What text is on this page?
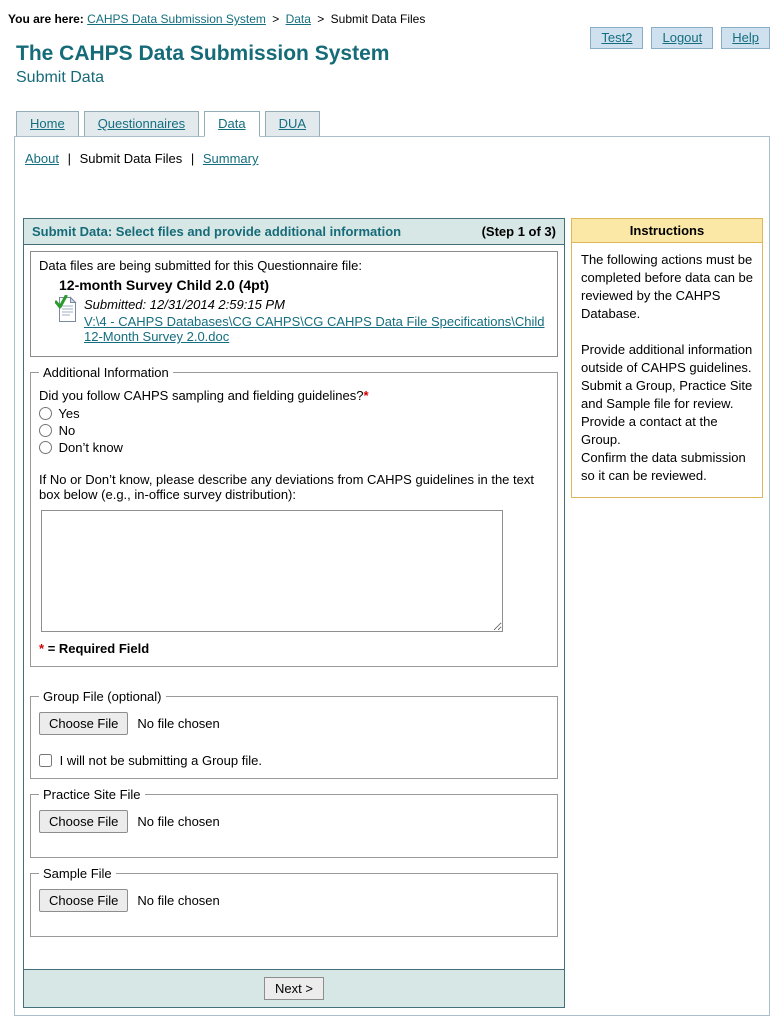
You are here: CAHPS Data Submission System > Data > Submit Data Files
Test2	Logout	Help
The CAHPS Data Submission System
Submit Data
Home	Questionnaires	Data	DUA
About | Submit Data Files | Summary
Submit Data: Select files and provide additional information	(Step 1 of 3)

Data files are being submitted for this Questionnaire file:

12-month Survey Child 2.0 (4pt)

Submitted: 12/31/2014 2:59:15 PM

V:\4 - CAHPS Databases\CG CAHPS\CG CAHPS Data File Specifications\Child 12-Month Survey 2.0.doc
Additional Information

Did you follow CAHPS sampling and fielding guidelines?*

Yes
No
Don’t know

If No or Don’t know, please describe any deviations from CAHPS guidelines in the text box below (e.g., in-office survey distribution):

* = Required Field
Group File (optional)
Choose File	No file chosen
I will not be submitting a Group file.
Practice Site File
Choose File	No file chosen
Sample File
Choose File	No file chosen
Next >
Instructions

The following actions must be completed before data can be reviewed by the CAHPS Database.

Provide additional information outside of CAHPS guidelines.

Submit a Group, Practice Site and Sample file for review.

Provide a contact at the Group.

Confirm the data submission so it can be reviewed.
